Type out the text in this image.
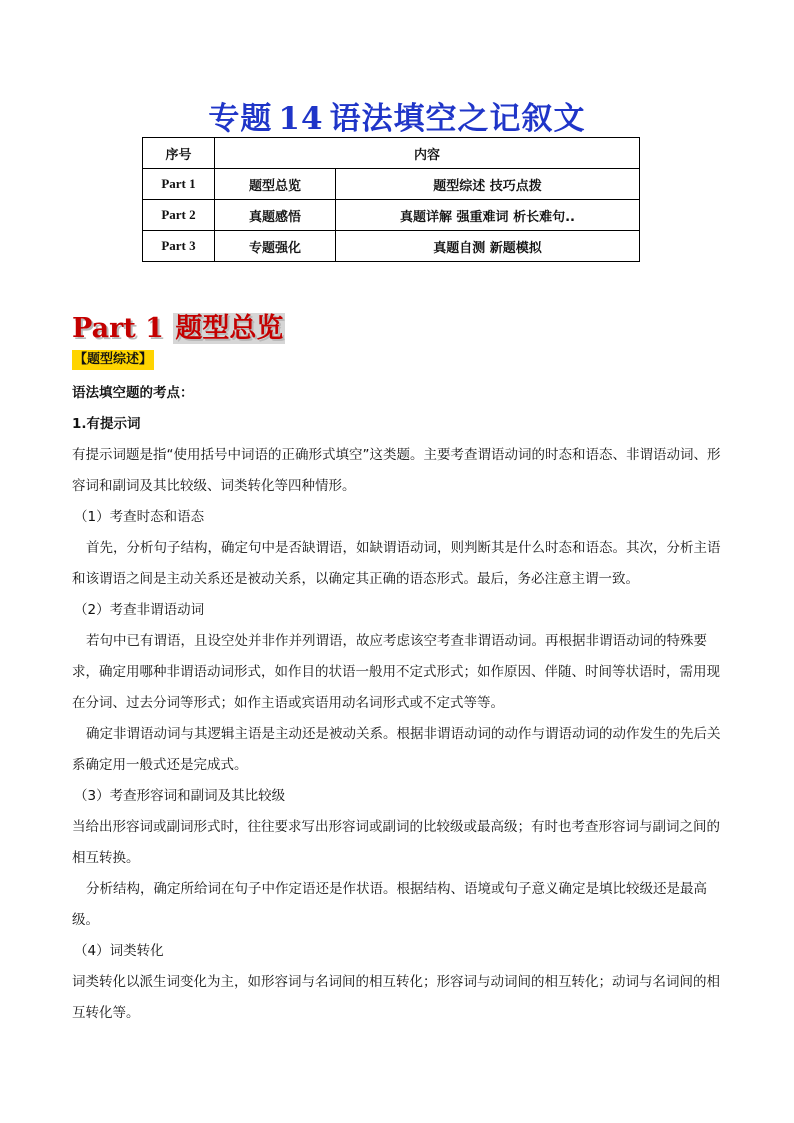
专题 14 语法填空之记叙文
序号	内容	
Part 1	题型总览	题型综述 技巧点拨
Part 2	真题感悟	真题详解 强重难词 析长难句..
Part 3	专题强化	真题自测 新题模拟
Part 1 题型总览
【题型综述】

语法填空题的考点：

1.有提示词

有提示词题是指“使用括号中词语的正确形式填空”这类题。主要考查谓语动词的时态和语态、非谓语动词、形容词和副词及其比较级、词类转化等四种情形。

（1）考查时态和语态

首先，分析句子结构，确定句中是否缺谓语，如缺谓语动词，则判断其是什么时态和语态。其次，分析主语和该谓语之间是主动关系还是被动关系，以确定其正确的语态形式。最后，务必注意主谓一致。

（2）考查非谓语动词

若句中已有谓语，且设空处并非作并列谓语，故应考虑该空考查非谓语动词。再根据非谓语动词的特殊要求，确定用哪种非谓语动词形式，如作目的状语一般用不定式形式；如作原因、伴随、时间等状语时，需用现在分词、过去分词等形式；如作主语或宾语用动名词形式或不定式等等。

确定非谓语动词与其逻辑主语是主动还是被动关系。根据非谓语动词的动作与谓语动词的动作发生的先后关系确定用一般式还是完成式。

（3）考查形容词和副词及其比较级

当给出形容词或副词形式时，往往要求写出形容词或副词的比较级或最高级；有时也考查形容词与副词之间的相互转换。

分析结构，确定所给词在句子中作定语还是作状语。根据结构、语境或句子意义确定是填比较级还是最高级。

（4）词类转化

词类转化以派生词变化为主，如形容词与名词间的相互转化；形容词与动词间的相互转化；动词与名词间的相互转化等。
